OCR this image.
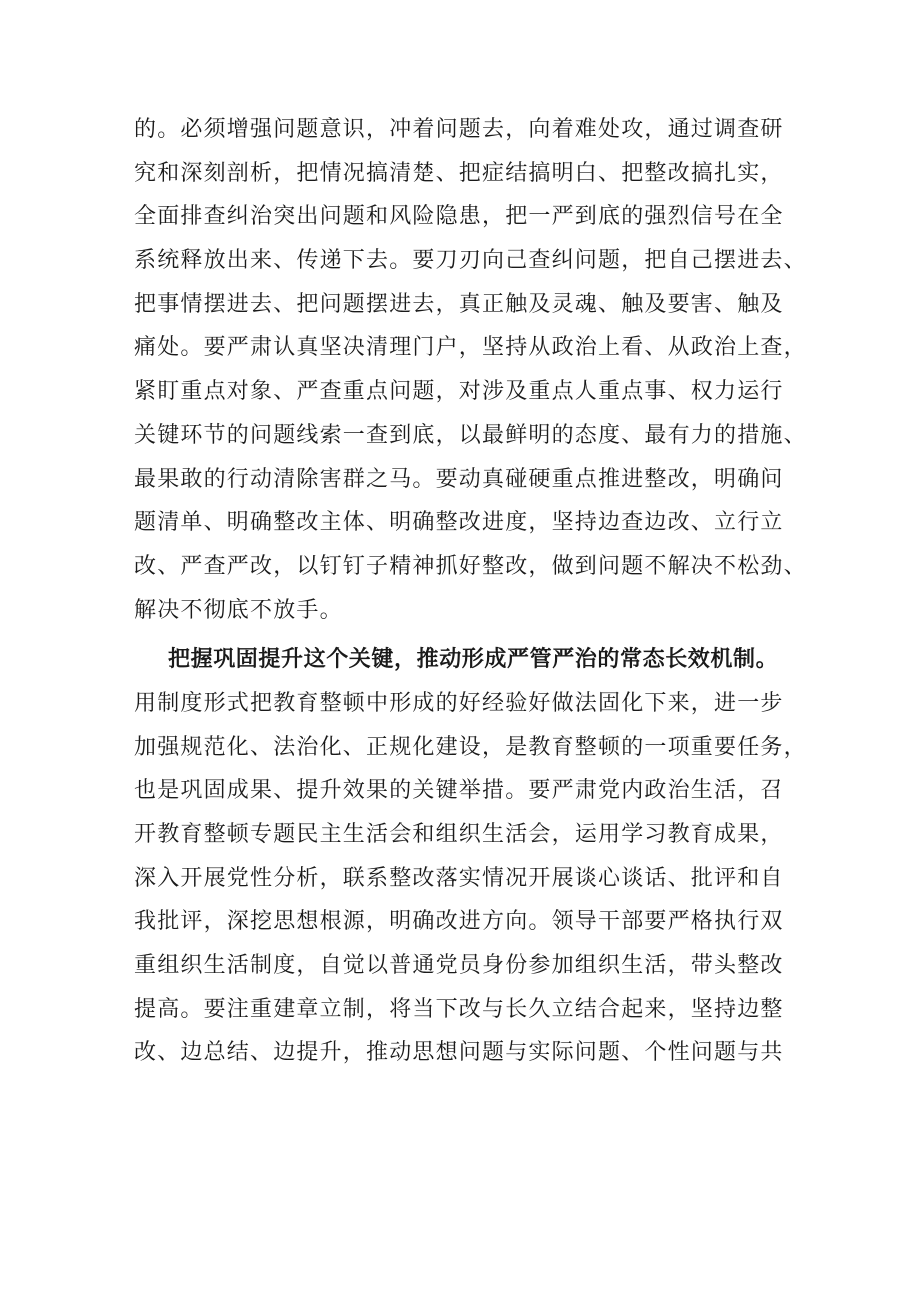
的。必须增强问题意识，冲着问题去，向着难处攻，通过调查研
究和深刻剖析，把情况搞清楚、把症结搞明白、把整改搞扎实，
全面排查纠治突出问题和风险隐患，把一严到底的强烈信号在全
系统释放出来、传递下去。要刀刃向己查纠问题，把自己摆进去、
把事情摆进去、把问题摆进去，真正触及灵魂、触及要害、触及
痛处。要严肃认真坚决清理门户，坚持从政治上看、从政治上查，
紧盯重点对象、严查重点问题，对涉及重点人重点事、权力运行
关键环节的问题线索一查到底，以最鲜明的态度、最有力的措施、
最果敢的行动清除害群之马。要动真碰硬重点推进整改，明确问
题清单、明确整改主体、明确整改进度，坚持边查边改、立行立
改、严查严改，以钉钉子精神抓好整改，做到问题不解决不松劲、
解决不彻底不放手。
把握巩固提升这个关键，推动形成严管严治的常态长效机制。
用制度形式把教育整顿中形成的好经验好做法固化下来，进一步
加强规范化、法治化、正规化建设，是教育整顿的一项重要任务，
也是巩固成果、提升效果的关键举措。要严肃党内政治生活，召
开教育整顿专题民主生活会和组织生活会，运用学习教育成果，
深入开展党性分析，联系整改落实情况开展谈心谈话、批评和自
我批评，深挖思想根源，明确改进方向。领导干部要严格执行双
重组织生活制度，自觉以普通党员身份参加组织生活，带头整改
提高。要注重建章立制，将当下改与长久立结合起来，坚持边整
改、边总结、边提升，推动思想问题与实际问题、个性问题与共
